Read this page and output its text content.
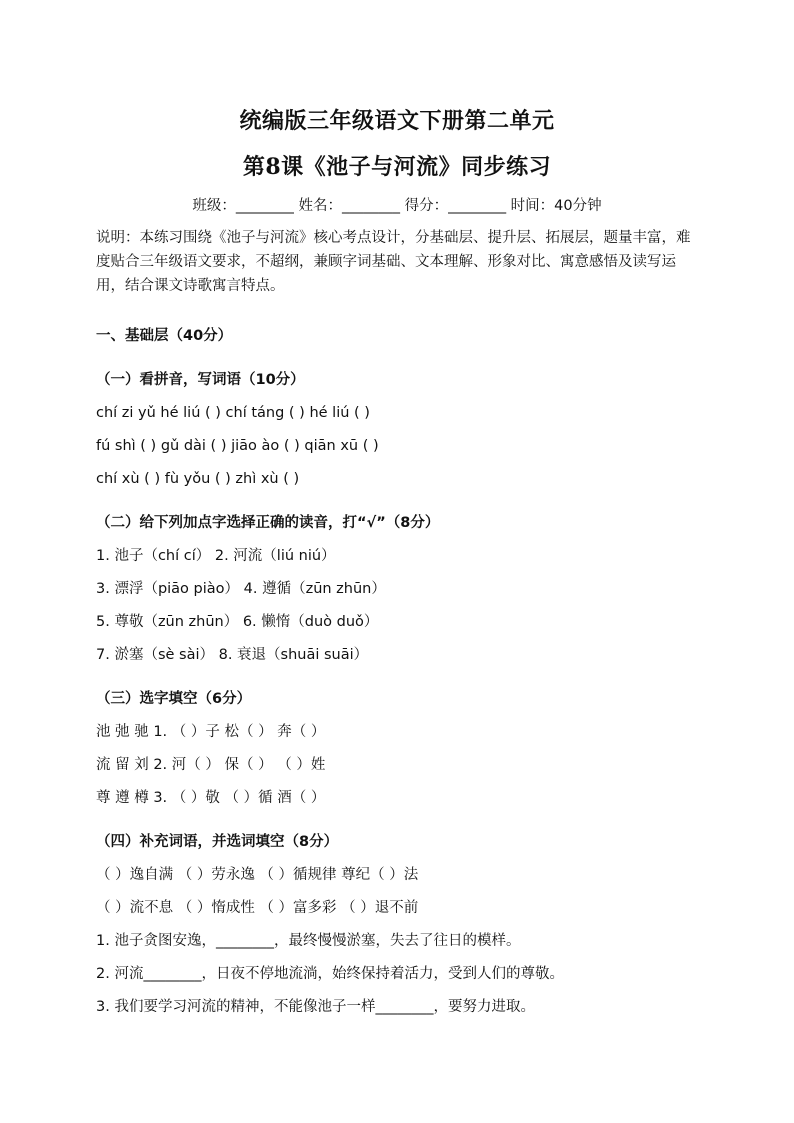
统编版三年级语文下册第二单元
第8课《池子与河流》同步练习
班级：________ 姓名：________ 得分：________ 时间：40分钟
说明：本练习围绕《池子与河流》核心考点设计，分基础层、提升层、拓展层，题量丰富，难度贴合三年级语文要求，不超纲，兼顾字词基础、文本理解、形象对比、寓意感悟及读写运用，结合课文诗歌寓言特点。
一、基础层（40分）
（一）看拼音，写词语（10分）
chí zi yǔ hé liú ( ) chí táng ( ) hé liú ( )
fú shì ( ) gǔ dài ( ) jiāo ào ( ) qiān xū ( )
chí xù ( ) fù yǒu ( ) zhì xù ( )
（二）给下列加点字选择正确的读音，打“√”（8分）
1. 池子（chí cí） 2. 河流（liú niú）
3. 漂浮（piāo piào） 4. 遵循（zūn zhūn）
5. 尊敬（zūn zhūn） 6. 懒惰（duò duǒ）
7. 淤塞（sè sài） 8. 衰退（shuāi suāi）
（三）选字填空（6分）
池 弛 驰 1. （ ）子 松（ ） 奔（ ）
流 留 刘 2. 河（ ） 保（ ） （ ）姓
尊 遵 樽 3. （ ）敬 （ ）循 酒（ ）
（四）补充词语，并选词填空（8分）
（ ）逸自满 （ ）劳永逸 （ ）循规律 尊纪（ ）法
（ ）流不息 （ ）惰成性 （ ）富多彩 （ ）退不前
1. 池子贪图安逸，________，最终慢慢淤塞，失去了往日的模样。
2. 河流________，日夜不停地流淌，始终保持着活力，受到人们的尊敬。
3. 我们要学习河流的精神，不能像池子一样________，要努力进取。
